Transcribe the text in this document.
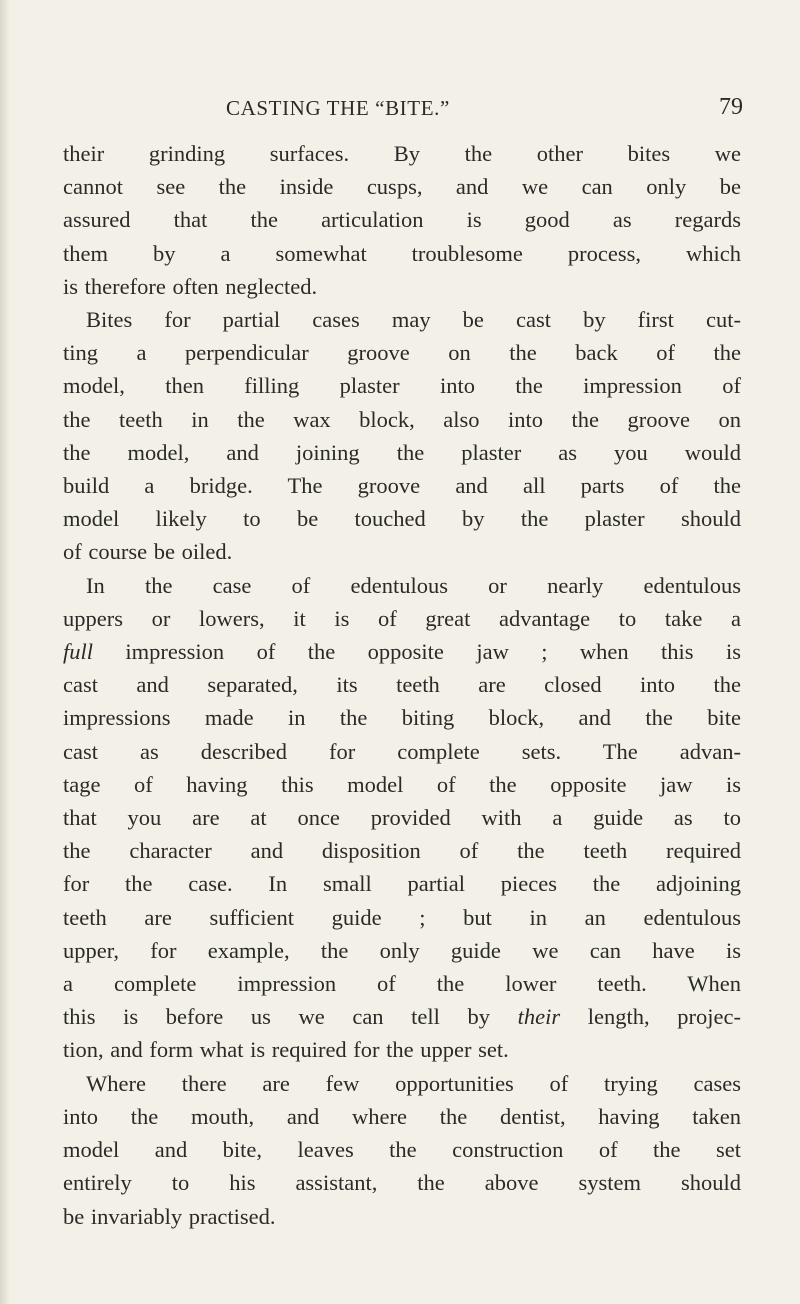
CASTING THE “BITE.”	79
their grinding surfaces. By the other bites we
cannot see the inside cusps, and we can only be
assured that the articulation is good as regards
them by a somewhat troublesome process, which
is therefore often neglected.
Bites for partial cases may be cast by first cut-
ting a perpendicular groove on the back of the
model, then filling plaster into the impression of
the teeth in the wax block, also into the groove on
the model, and joining the plaster as you would
build a bridge. The groove and all parts of the
model likely to be touched by the plaster should
of course be oiled.
In the case of edentulous or nearly edentulous
uppers or lowers, it is of great advantage to take a
full impression of the opposite jaw ; when this is
cast and separated, its teeth are closed into the
impressions made in the biting block, and the bite
cast as described for complete sets. The advan-
tage of having this model of the opposite jaw is
that you are at once provided with a guide as to
the character and disposition of the teeth required
for the case. In small partial pieces the adjoining
teeth are sufficient guide ; but in an edentulous
upper, for example, the only guide we can have is
a complete impression of the lower teeth. When
this is before us we can tell by their length, projec-
tion, and form what is required for the upper set.
Where there are few opportunities of trying cases
into the mouth, and where the dentist, having taken
model and bite, leaves the construction of the set
entirely to his assistant, the above system should
be invariably practised.
